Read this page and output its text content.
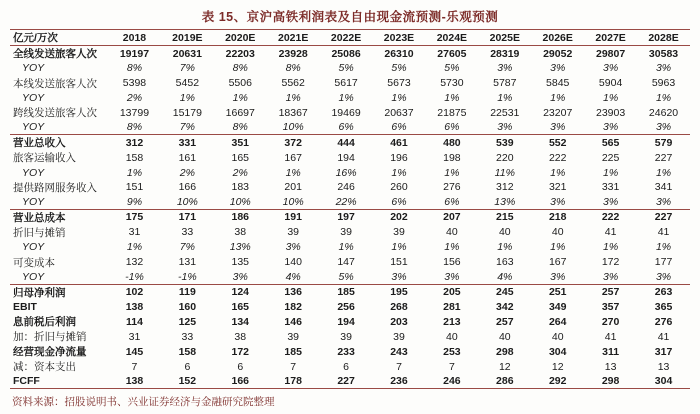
表 15、京沪高铁利润表及自由现金流预测-乐观预测
亿元/万次	2018	2019E	2020E	2021E	2022E	2023E	2024E	2025E	2026E	2027E	2028E
全线发送旅客人次	19197	20631	22203	23928	25086	26310	27605	28319	29052	29807	30583
YOY	8%	7%	8%	8%	5%	5%	5%	3%	3%	3%	3%
本线发送旅客人次	5398	5452	5506	5562	5617	5673	5730	5787	5845	5904	5963
YOY	2%	1%	1%	1%	1%	1%	1%	1%	1%	1%	1%
跨线发送旅客人次	13799	15179	16697	18367	19469	20637	21875	22531	23207	23903	24620
YOY	8%	7%	8%	10%	6%	6%	6%	3%	3%	3%	3%
营业总收入	312	331	351	372	444	461	480	539	552	565	579
旅客运输收入	158	161	165	167	194	196	198	220	222	225	227
YOY	1%	2%	2%	1%	16%	1%	1%	11%	1%	1%	1%
提供路网服务收入	151	166	183	201	246	260	276	312	321	331	341
YOY	9%	10%	10%	10%	22%	6%	6%	13%	3%	3%	3%
营业总成本	175	171	186	191	197	202	207	215	218	222	227
折旧与摊销	31	33	38	39	39	39	40	40	40	41	41
YOY	1%	7%	13%	3%	1%	1%	1%	1%	1%	1%	1%
可变成本	132	131	135	140	147	151	156	163	167	172	177
YOY	-1%	-1%	3%	4%	5%	3%	3%	4%	3%	3%	3%
归母净利润	102	119	124	136	185	195	205	245	251	257	263
EBIT	138	160	165	182	256	268	281	342	349	357	365
息前税后利润	114	125	134	146	194	203	213	257	264	270	276
加：折旧与摊销	31	33	38	39	39	39	40	40	40	41	41
经营现金净流量	145	158	172	185	233	243	253	298	304	311	317
减：资本支出	7	6	6	7	6	7	7	12	12	13	13
FCFF	138	152	166	178	227	236	246	286	292	298	304
资料来源：招股说明书、兴业证券经济与金融研究院整理
